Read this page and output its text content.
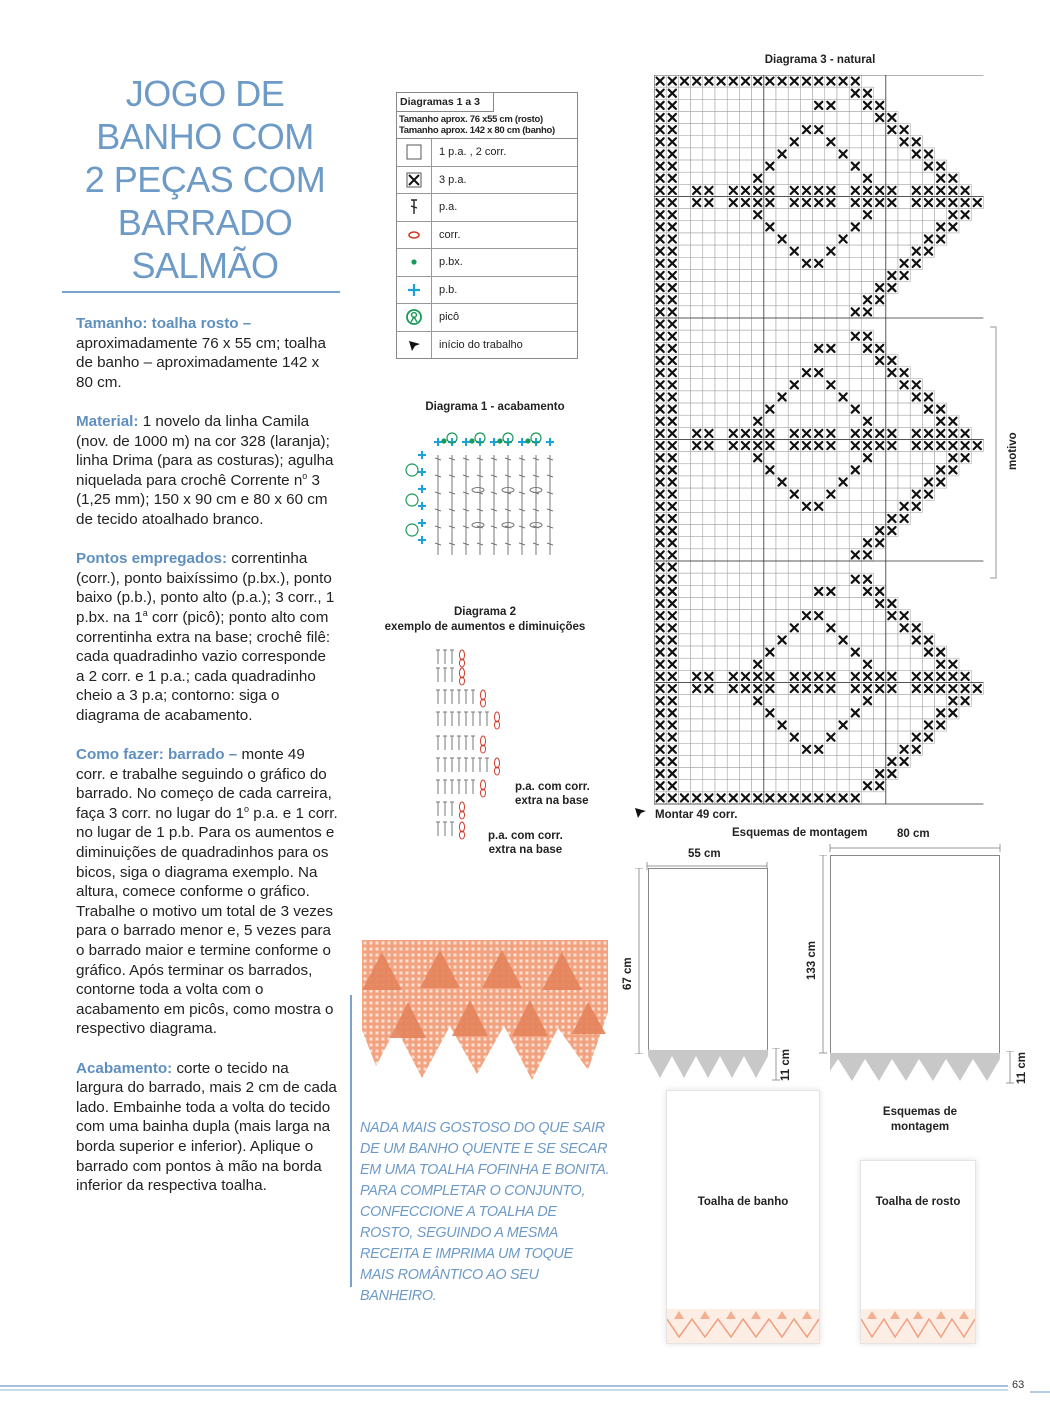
JOGO DE
BANHO COM
2 PEÇAS COM
BARRADO
SALMÃO

Tamanho: toalha rosto – aproximadamente 76 x 55 cm; toalha de banho – aproximadamente 142 x 80 cm.

Material: 1 novelo da linha Camila (nov. de 1000 m) na cor 328 (laranja); linha Drima (para as costuras); agulha niquelada para crochê Corrente $n^o$ 3 (1,25 mm); 150 x 90 cm e 80 x 60 cm de tecido atoalhado branco.

Pontos empregados: correntinha (corr.), ponto baixíssimo (p.bx.), ponto baixo (p.b.), ponto alto (p.a.); 3 corr., 1 p.bx. na 1$^a$ corr (picô); ponto alto com correntinha extra na base; crochê filê: cada quadradinho vazio corresponde a 2 corr. e 1 p.a.; cada quadradinho cheio a 3 p.a; contorno: siga o diagrama de acabamento.

Como fazer: barrado – monte 49 corr. e trabalhe seguindo o gráfico do barrado. No começo de cada carreira, faça 3 corr. no lugar do 1$^o$ p.a. e 1 corr. no lugar de 1 p.b. Para os aumentos e diminuições de quadradinhos para os bicos, siga o diagrama exemplo. Na altura, comece conforme o gráfico. Trabalhe o motivo um total de 3 vezes para o barrado menor e, 5 vezes para o barrado maior e termine conforme o gráfico. Após terminar os barrados, contorne toda a volta com o acabamento em picôs, como mostra o respectivo diagrama.

Acabamento: corte o tecido na largura do barrado, mais 2 cm de cada lado. Embainhe toda a volta do tecido com uma bainha dupla (mais larga na borda superior e inferior). Aplique o barrado com pontos à mão na borda inferior da respectiva toalha.

Diagramas 1 a 3
Tamanho aprox. 76 x55 cm (rosto)
Tamanho aprox. 142 x 80 cm (banho)
1 p.a. , 2 corr.
3 p.a.
p.a.
corr.
p.bx.
p.b.
picô
início do trabalho
Diagrama 1 - acabamento
Diagrama 2
exemplo de aumentos e diminuições
p.a. com corr.
extra na base
p.a. com corr.
extra na base
Diagrama 3 - natural
motivo
Montar 49 corr.
NADA MAIS GOSTOSO DO QUE SAIR DE UM BANHO QUENTE E SE SECAR EM UMA TOALHA FOFINHA E BONITA. PARA COMPLETAR O CONJUNTO, CONFECCIONE A TOALHA DE ROSTO, SEGUINDO A MESMA RECEITA E IMPRIMA UM TOQUE MAIS ROMÂNTICO AO SEU BANHEIRO.
Esquemas de montagem
55 cm
67 cm
11 cm
80 cm
133 cm
11 cm
Esquemas de
montagem
Toalha de banho	Toalha de rosto
63
